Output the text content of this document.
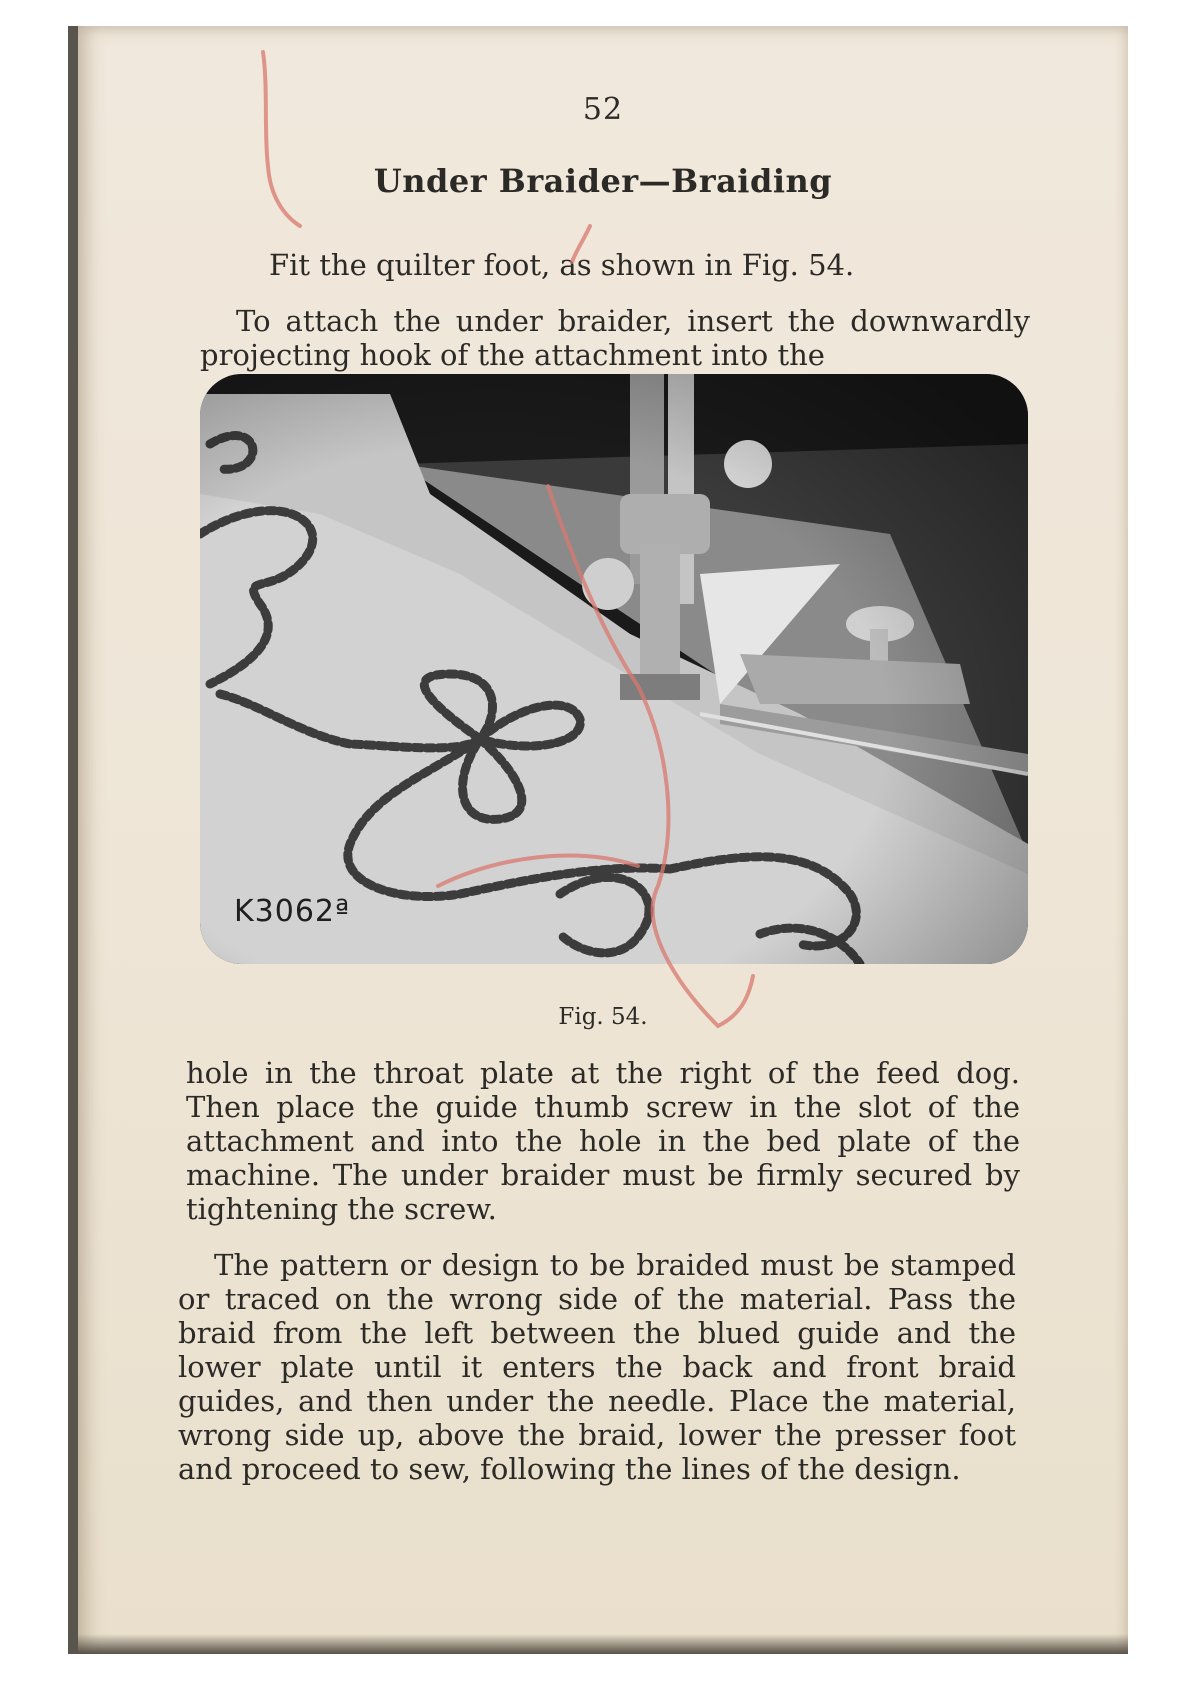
52
Under Braider—Braiding

Fit the quilter foot, as shown in Fig. 54.

To attach the under braider, insert the downwardly projecting hook of the attachment into the

K3062ª
Fig. 54.

hole in the throat plate at the right of the feed dog. Then place the guide thumb screw in the slot of the attachment and into the hole in the bed plate of the machine. The under braider must be firmly secured by tightening the screw.

The pattern or design to be braided must be stamped or traced on the wrong side of the material. Pass the braid from the left between the blued guide and the lower plate until it enters the back and front braid guides, and then under the needle. Place the material, wrong side up, above the braid, lower the presser foot and proceed to sew, following the lines of the design.
